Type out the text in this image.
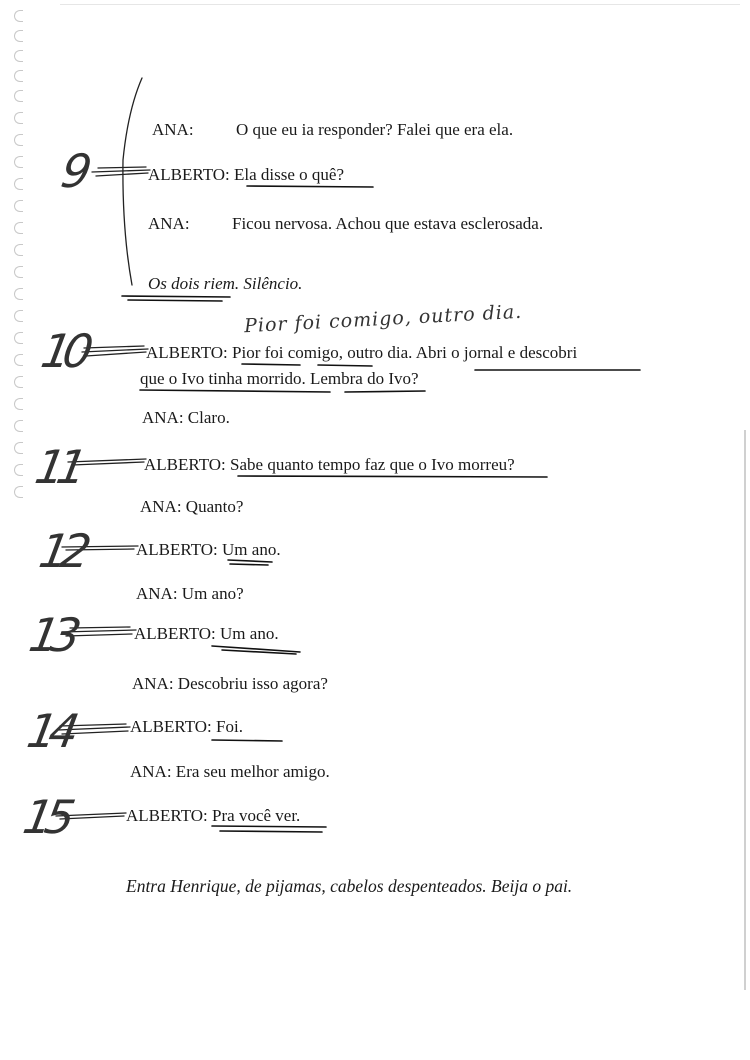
9
10
11
12
13
14
15
Pior foi comigo, outro dia.
ANA: O que eu ia responder? Falei que era ela.
ALBERTO: Ela disse o quê?
ANA: Ficou nervosa. Achou que estava esclerosada.
Os dois riem. Silêncio.
ALBERTO: Pior foi comigo, outro dia. Abri o jornal e descobri
que o Ivo tinha morrido. Lembra do Ivo?
ANA: Claro.
ALBERTO: Sabe quanto tempo faz que o Ivo morreu?
ANA: Quanto?
ALBERTO: Um ano.
ANA: Um ano?
ALBERTO: Um ano.
ANA: Descobriu isso agora?
ALBERTO: Foi.
ANA: Era seu melhor amigo.
ALBERTO: Pra você ver.
Entra Henrique, de pijamas, cabelos despenteados. Beija o pai.
